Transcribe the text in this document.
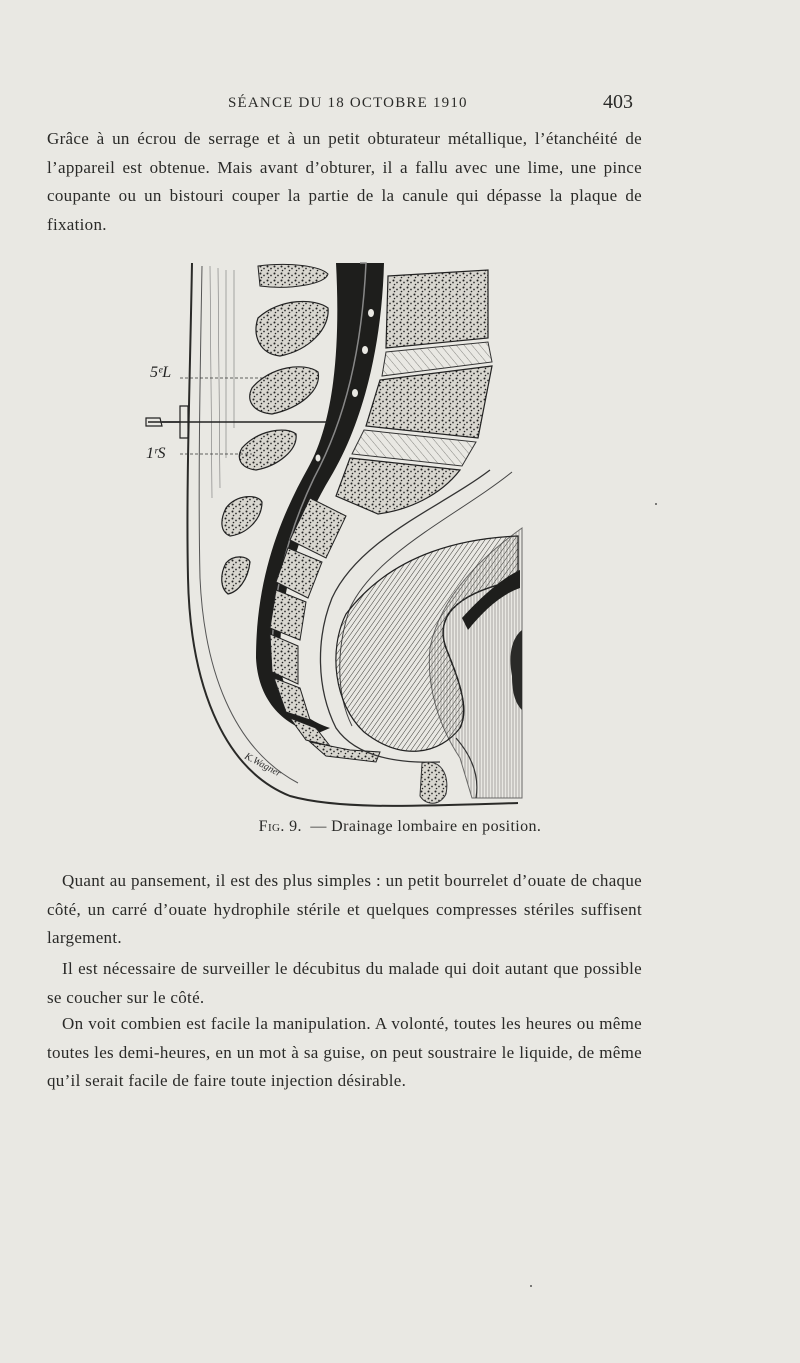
SÉANCE DU 18 OCTOBRE 1910	403

Grâce à un écrou de serrage et à un petit obturateur métallique, l’étanchéité de l’appareil est obtenue. Mais avant d’obturer, il a fallu avec une lime, une pince coupante ou un bistouri couper la partie de la canule qui dépasse la plaque de fixation.

5ᵉL
1ʳS
K.Wagner
Fig. 9. — Drainage lombaire en position.

Quant au pansement, il est des plus simples : un petit bourrelet d’ouate de chaque côté, un carré d’ouate hydrophile stérile et quelques compresses stériles suffisent largement.

Il est nécessaire de surveiller le décubitus du malade qui doit autant que possible se coucher sur le côté.

On voit combien est facile la manipulation. A volonté, toutes les heures ou même toutes les demi-heures, en un mot à sa guise, on peut soustraire le liquide, de même qu’il serait facile de faire toute injection désirable.
